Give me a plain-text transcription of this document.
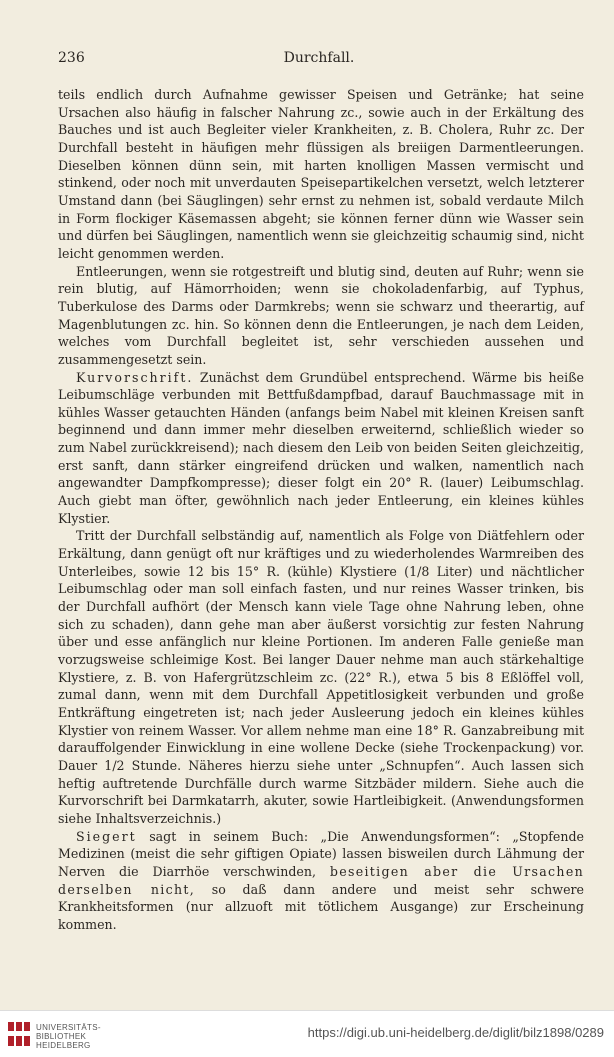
236	Durchfall.

teils endlich durch Aufnahme gewisser Speisen und Getränke; hat seine Ursachen also häufig in falscher Nahrung zc., sowie auch in der Erkältung des Bauches und ist auch Begleiter vieler Krankheiten, z. B. Cholera, Ruhr zc. Der Durchfall besteht in häufigen mehr flüssigen als breiigen Darmentleerungen. Dieselben können dünn sein, mit harten knolligen Massen vermischt und stinkend, oder noch mit unverdauten Speisepartikelchen versetzt, welch letzterer Umstand dann (bei Säuglingen) sehr ernst zu nehmen ist, sobald verdaute Milch in Form flockiger Käsemassen abgeht; sie können ferner dünn wie Wasser sein und dürfen bei Säuglingen, namentlich wenn sie gleichzeitig schaumig sind, nicht leicht genommen werden.

Entleerungen, wenn sie rotgestreift und blutig sind, deuten auf Ruhr; wenn sie rein blutig, auf Hämorrhoiden; wenn sie chokoladenfarbig, auf Typhus, Tuberkulose des Darms oder Darmkrebs; wenn sie schwarz und theerartig, auf Magenblutungen zc. hin. So können denn die Entleerungen, je nach dem Leiden, welches vom Durchfall begleitet ist, sehr verschieden aussehen und zusammengesetzt sein.

Kurvorschrift. Zunächst dem Grundübel entsprechend. Wärme bis heiße Leibumschläge verbunden mit Bettfußdampfbad, darauf Bauchmassage mit in kühles Wasser getauchten Händen (anfangs beim Nabel mit kleinen Kreisen sanft beginnend und dann immer mehr dieselben erweiternd, schließlich wieder so zum Nabel zurückkreisend); nach diesem den Leib von beiden Seiten gleichzeitig, erst sanft, dann stärker eingreifend drücken und walken, namentlich nach angewandter Dampfkompresse); dieser folgt ein 20° R. (lauer) Leibumschlag. Auch giebt man öfter, gewöhnlich nach jeder Entleerung, ein kleines kühles Klystier.

Tritt der Durchfall selbständig auf, namentlich als Folge von Diätfehlern oder Erkältung, dann genügt oft nur kräftiges und zu wiederholendes Warmreiben des Unterleibes, sowie 12 bis 15° R. (kühle) Klystiere (1/8 Liter) und nächtlicher Leibumschlag oder man soll einfach fasten, und nur reines Wasser trinken, bis der Durchfall aufhört (der Mensch kann viele Tage ohne Nahrung leben, ohne sich zu schaden), dann gehe man aber äußerst vorsichtig zur festen Nahrung über und esse anfänglich nur kleine Portionen. Im anderen Falle genieße man vorzugsweise schleimige Kost. Bei langer Dauer nehme man auch stärkehaltige Klystiere, z. B. von Hafergrützschleim zc. (22° R.), etwa 5 bis 8 Eßlöffel voll, zumal dann, wenn mit dem Durchfall Appetitlosigkeit verbunden und große Entkräftung eingetreten ist; nach jeder Ausleerung jedoch ein kleines kühles Klystier von reinem Wasser. Vor allem nehme man eine 18° R. Ganzabreibung mit darauffolgender Einwicklung in eine wollene Decke (siehe Trockenpackung) vor. Dauer 1/2 Stunde. Näheres hierzu siehe unter „Schnupfen“. Auch lassen sich heftig auftretende Durchfälle durch warme Sitzbäder mildern. Siehe auch die Kurvorschrift bei Darmkatarrh, akuter, sowie Hartleibigkeit. (Anwendungsformen siehe Inhaltsverzeichnis.)

Siegert sagt in seinem Buch: „Die Anwendungsformen“: „Stopfende Medizinen (meist die sehr giftigen Opiate) lassen bisweilen durch Lähmung der Nerven die Diarrhöe verschwinden, beseitigen aber die Ursachen derselben nicht, so daß dann andere und meist sehr schwere Krankheitsformen (nur allzuoft mit tötlichem Ausgange) zur Erscheinung kommen.

UNIVERSITÄTS-
BIBLIOTHEK
HEIDELBERG
https://digi.ub.uni-heidelberg.de/diglit/bilz1898/0289
